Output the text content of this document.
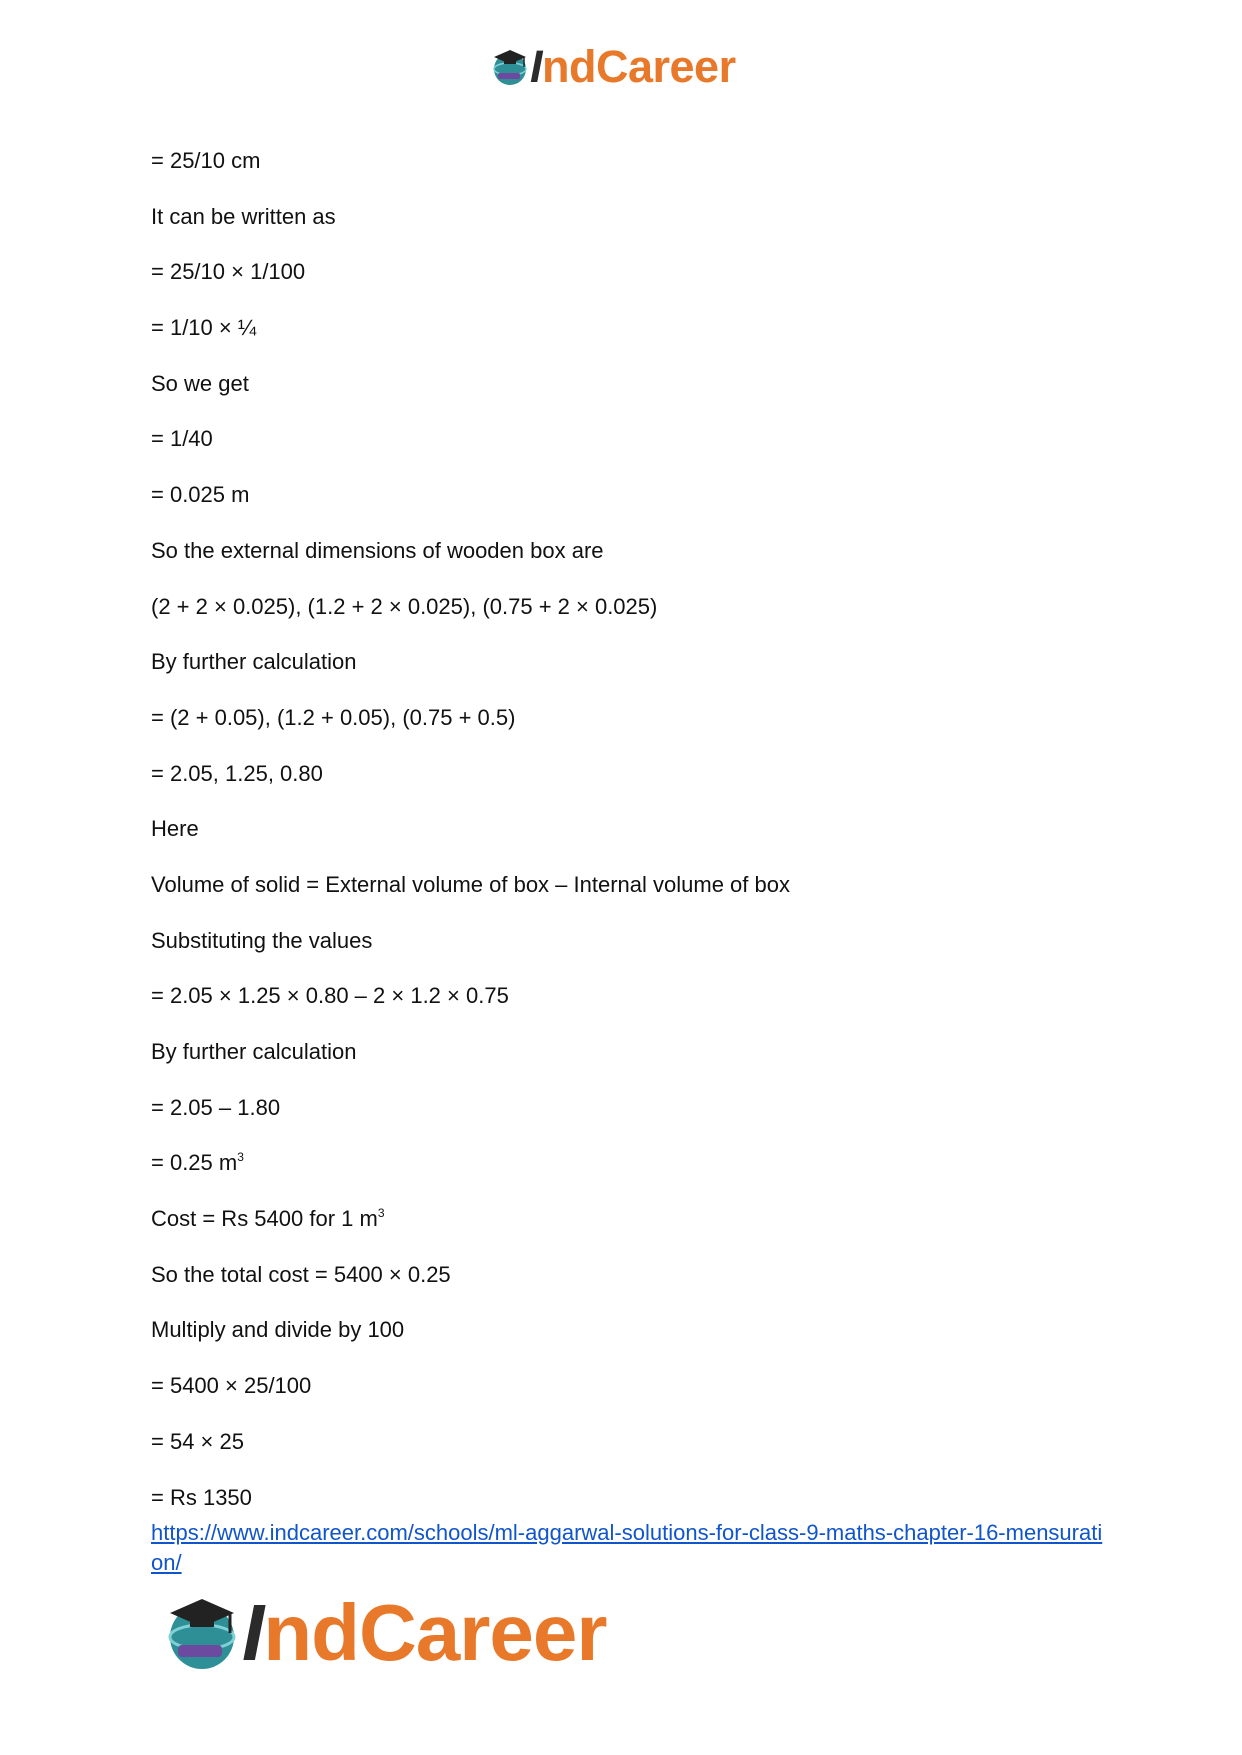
IndCareer
= 25/10 cm
It can be written as
= 25/10 × 1/100
= 1/10 × ¼
So we get
= 1/40
= 0.025 m
So the external dimensions of wooden box are
(2 + 2 × 0.025), (1.2 + 2 × 0.025), (0.75 + 2 × 0.025)
By further calculation
= (2 + 0.05), (1.2 + 0.05), (0.75 + 0.5)
= 2.05, 1.25, 0.80
Here
Volume of solid = External volume of box – Internal volume of box
Substituting the values
= 2.05 × 1.25 × 0.80 – 2 × 1.2 × 0.75
By further calculation
= 2.05 – 1.80
= 0.25 $m^3$
Cost = Rs 5400 for 1 $m^3$
So the total cost = 5400 × 0.25
Multiply and divide by 100
= 5400 × 25/100
= 54 × 25
= Rs 1350
https://www.indcareer.com/schools/ml-aggarwal-solutions-for-class-9-maths-chapter-16-mensuration/
IndCareer
